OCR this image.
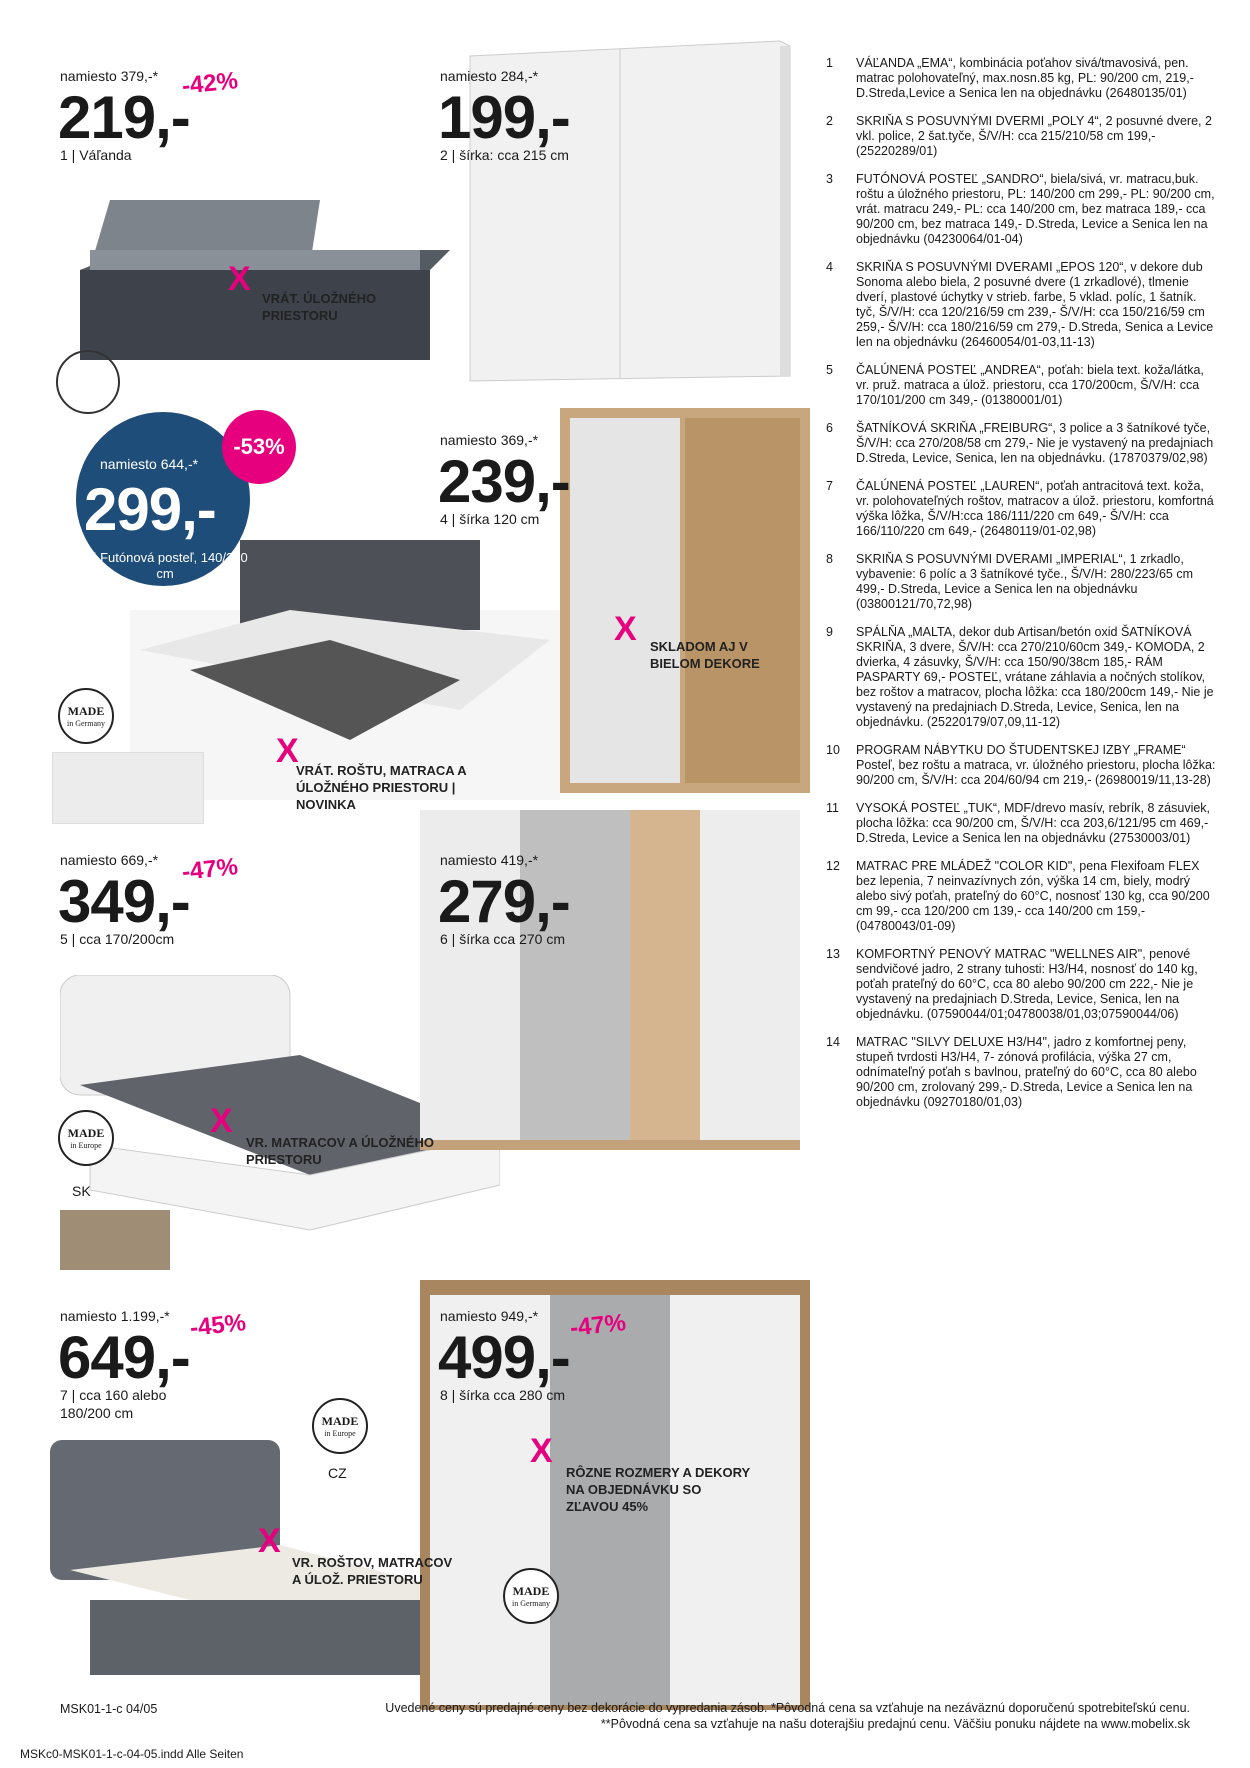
MADE
in Germany
MADE
in Europe
SK
MADE
in Europe
CZ
MADE
in Germany
namiesto 379,-* -42%
219,-
1 | Váľanda
X
VRÁT. ÚLOŽNÉHO PRIESTORU
namiesto 284,-*
199,-
2 | šírka: cca 215 cm
-53%
namiesto 644,-*
299,-
3 | Futónová posteľ, 140/200 cm
X
VRÁT. ROŠTU, MATRACA A ÚLOŽNÉHO PRIESTORU | NOVINKA
namiesto 369,-*
239,-
4 | šírka 120 cm
X SKLADOM AJ V BIELOM DEKORE
namiesto 669,-* -47%
349,-
5 | cca 170/200cm
X
VR. MATRACOV A ÚLOŽNÉHO PRIESTORU
namiesto 419,-*
279,-
6 | šírka cca 270 cm
namiesto 1.199,-* -45%
649,-
7 | cca 160 alebo 180/200 cm
X
VR. ROŠTOV, MATRACOV A ÚLOŽ. PRIESTORU
namiesto 949,-* -47%
499,-
8 | šírka cca 280 cm
X
RÔZNE ROZMERY A DEKORY NA OBJEDNÁVKU SO ZĽAVOU 45%
1	VÁĽANDA „EMA“, kombinácia poťahov sivá/tmavosivá, pen. matrac polohovateľný, max.nosn.85 kg, PL: 90/200 cm, 219,- D.Streda,Levice a Senica len na objednávku (26480135/01)
2	SKRIŇA S POSUVNÝMI DVERMI „POLY 4“, 2 posuvné dvere, 2 vkl. police, 2 šat.tyče, Š/V/H: cca 215/210/58 cm 199,- (25220289/01)
3	FUTÓNOVÁ POSTEĽ „SANDRO“, biela/sivá, vr. matracu,buk. roštu a úložného priestoru, PL: 140/200 cm 299,- PL: 90/200 cm, vrát. matracu 249,- PL: cca 140/200 cm, bez matraca 189,- cca 90/200 cm, bez matraca 149,- D.Streda, Levice a Senica len na objednávku (04230064/01-04)
4	SKRIŇA S POSUVNÝMI DVERAMI „EPOS 120“, v dekore dub Sonoma alebo biela, 2 posuvné dvere (1 zrkadlové), tlmenie dverí, plastové úchytky v strieb. farbe, 5 vklad. políc, 1 šatník. tyč, Š/V/H: cca 120/216/59 cm 239,- Š/V/H: cca 150/216/59 cm 259,- Š/V/H: cca 180/216/59 cm 279,- D.Streda, Senica a Levice len na objednávku (26460054/01-03,11-13)
5	ČALÚNENÁ POSTEĽ „ANDREA“, poťah: biela text. koža/látka, vr. pruž. matraca a úlož. priestoru, cca 170/200cm, Š/V/H: cca 170/101/200 cm 349,- (01380001/01)
6	ŠATNÍKOVÁ SKRIŇA „FREIBURG“, 3 police a 3 šatníkové tyče, Š/V/H: cca 270/208/58 cm 279,- Nie je vystavený na predajniach D.Streda, Levice, Senica, len na objednávku. (17870379/02,98)
7	ČALÚNENÁ POSTEĽ „LAUREN“, poťah antracitová text. koža, vr. polohovateľných roštov, matracov a úlož. priestoru, komfortná výška lôžka, Š/V/H:cca 186/111/220 cm 649,- Š/V/H: cca 166/110/220 cm 649,- (26480119/01-02,98)
8	SKRIŇA S POSUVNÝMI DVERAMI „IMPERIAL“, 1 zrkadlo, vybavenie: 6 políc a 3 šatníkové tyče., Š/V/H: 280/223/65 cm 499,- D.Streda, Levice a Senica len na objednávku (03800121/70,72,98)
9	SPÁLŇA „MALTA, dekor dub Artisan/betón oxid ŠATNÍKOVÁ SKRIŇA, 3 dvere, Š/V/H: cca 270/210/60cm 349,- KOMODA, 2 dvierka, 4 zásuvky, Š/V/H: cca 150/90/38cm 185,- RÁM PASPARTY 69,- POSTEĽ, vrátane záhlavia a nočných stolíkov, bez roštov a matracov, plocha lôžka: cca 180/200cm 149,- Nie je vystavený na predajniach D.Streda, Levice, Senica, len na objednávku. (25220179/07,09,11-12)
10	PROGRAM NÁBYTKU DO ŠTUDENTSKEJ IZBY „FRAME“ Posteľ, bez roštu a matraca, vr. úložného priestoru, plocha lôžka: 90/200 cm, Š/V/H: cca 204/60/94 cm 219,- (26980019/11,13-28)
11	VYSOKÁ POSTEĽ „TUK“, MDF/drevo masív, rebrík, 8 zásuviek, plocha lôžka: cca 90/200 cm, Š/V/H: cca 203,6/121/95 cm 469,- D.Streda, Levice a Senica len na objednávku (27530003/01)
12	MATRAC PRE MLÁDEŽ "COLOR KID", pena Flexifoam FLEX bez lepenia, 7 neinvazívnych zón, výška 14 cm, biely, modrý alebo sivý poťah, prateľný do 60°C, nosnosť 130 kg, cca 90/200 cm 99,- cca 120/200 cm 139,- cca 140/200 cm 159,- (04780043/01-09)
13	KOMFORTNÝ PENOVÝ MATRAC "WELLNES AIR", penové sendvičové jadro, 2 strany tuhosti: H3/H4, nosnosť do 140 kg, poťah prateľný do 60°C, cca 80 alebo 90/200 cm 222,- Nie je vystavený na predajniach D.Streda, Levice, Senica, len na objednávku. (07590044/01;04780038/01,03;07590044/06)
14	MATRAC "SILVY DELUXE H3/H4", jadro z komfortnej peny, stupeň tvrdosti H3/H4, 7- zónová profilácia, výška 27 cm, odnímateľný poťah s bavlnou, prateľný do 60°C, cca 80 alebo 90/200 cm, zrolovaný 299,- D.Streda, Levice a Senica len na objednávku (09270180/01,03)
MSK01-1-c 04/05	Uvedené ceny sú predajné ceny bez dekorácie do vypredania zásob. *Pôvodná cena sa vzťahuje na nezáväznú doporučenú spotrebiteľskú cenu.
**Pôvodná cena sa vzťahuje na našu doterajšiu predajnú cenu. Väčšiu ponuku nájdete na www.mobelix.sk
MSKc0-MSK01-1-c-04-05.indd Alle Seiten
